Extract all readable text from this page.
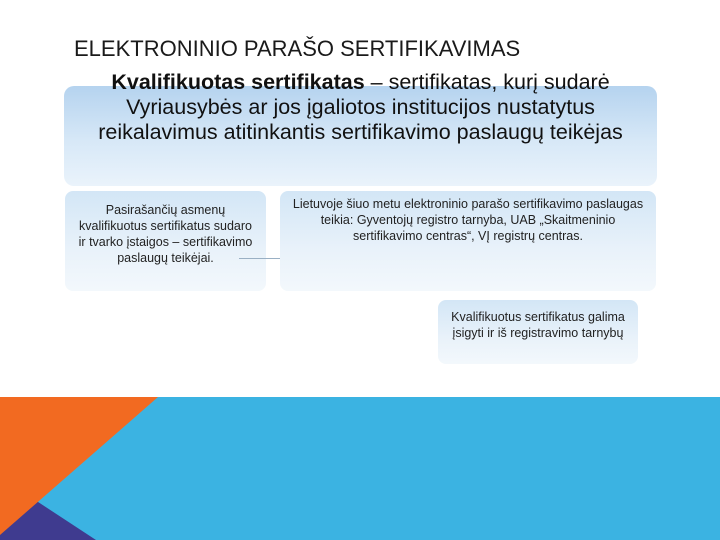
ELEKTRONINIO PARAŠO SERTIFIKAVIMAS
Kvalifikuotas sertifikatas – sertifikatas, kurį sudarė Vyriausybės ar jos įgaliotos institucijos nustatytus reikalavimus atitinkantis sertifikavimo paslaugų teikėjas
Pasirašančių asmenų kvalifikuotus sertifikatus sudaro ir tvarko įstaigos – sertifikavimo paslaugų teikėjai.
Lietuvoje šiuo metu elektroninio parašo sertifikavimo paslaugas teikia: Gyventojų registro tarnyba, UAB „Skaitmeninio sertifikavimo centras“, VĮ registrų centras.
Kvalifikuotus sertifikatus galima įsigyti ir iš registravimo tarnybų
